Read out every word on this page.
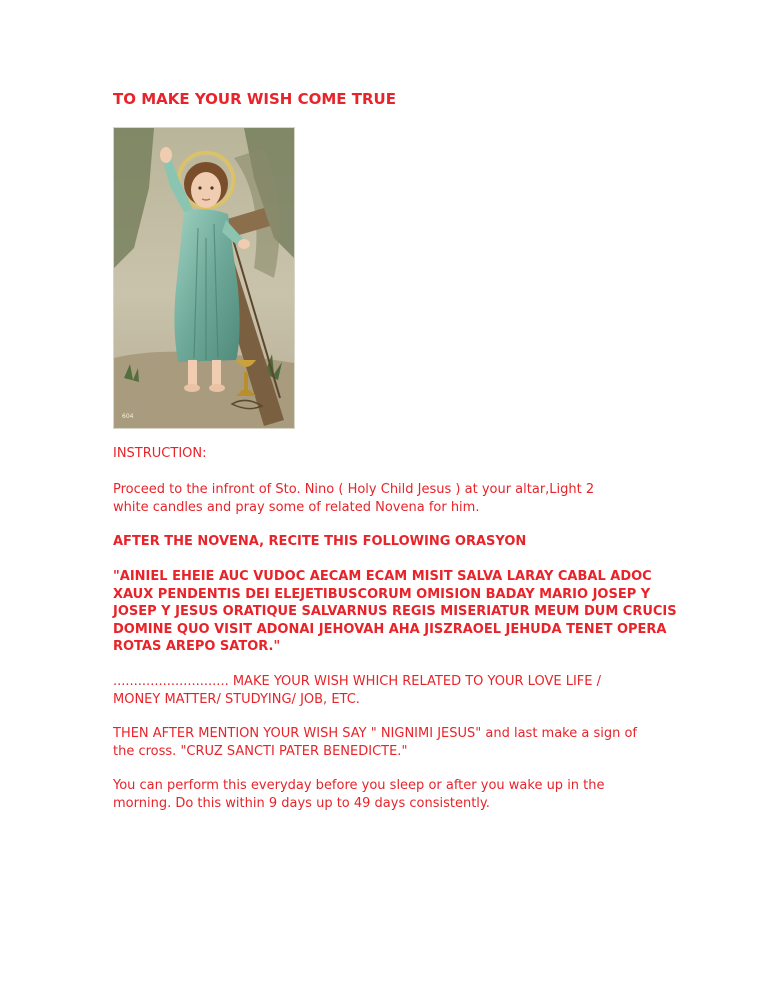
TO MAKE YOUR WISH COME TRUE
604
INSTRUCTION:
Proceed to the infront of Sto. Nino ( Holy Child Jesus ) at your altar,Light 2
white candles and pray some of related Novena for him.
AFTER THE NOVENA, RECITE THIS FOLLOWING ORASYON
"AINIEL EHEIE AUC VUDOC AECAM ECAM MISIT SALVA LARAY CABAL ADOC
XAUX PENDENTIS DEI ELEJETIBUSCORUM OMISION BADAY MARIO JOSEP Y
JOSEP Y JESUS ORATIQUE SALVARNUS REGIS MISERIATUR MEUM DUM CRUCIS
DOMINE QUO VISIT ADONAI JEHOVAH AHA JISZRAOEL JEHUDA TENET OPERA
ROTAS AREPO SATOR."
............................ MAKE YOUR WISH WHICH RELATED TO YOUR LOVE LIFE /
MONEY MATTER/ STUDYING/ JOB, ETC.
THEN AFTER MENTION YOUR WISH SAY " NIGNIMI JESUS" and last make a sign of
the cross. "CRUZ SANCTI PATER BENEDICTE."
You can perform this everyday before you sleep or after you wake up in the
morning. Do this within 9 days up to 49 days consistently.
